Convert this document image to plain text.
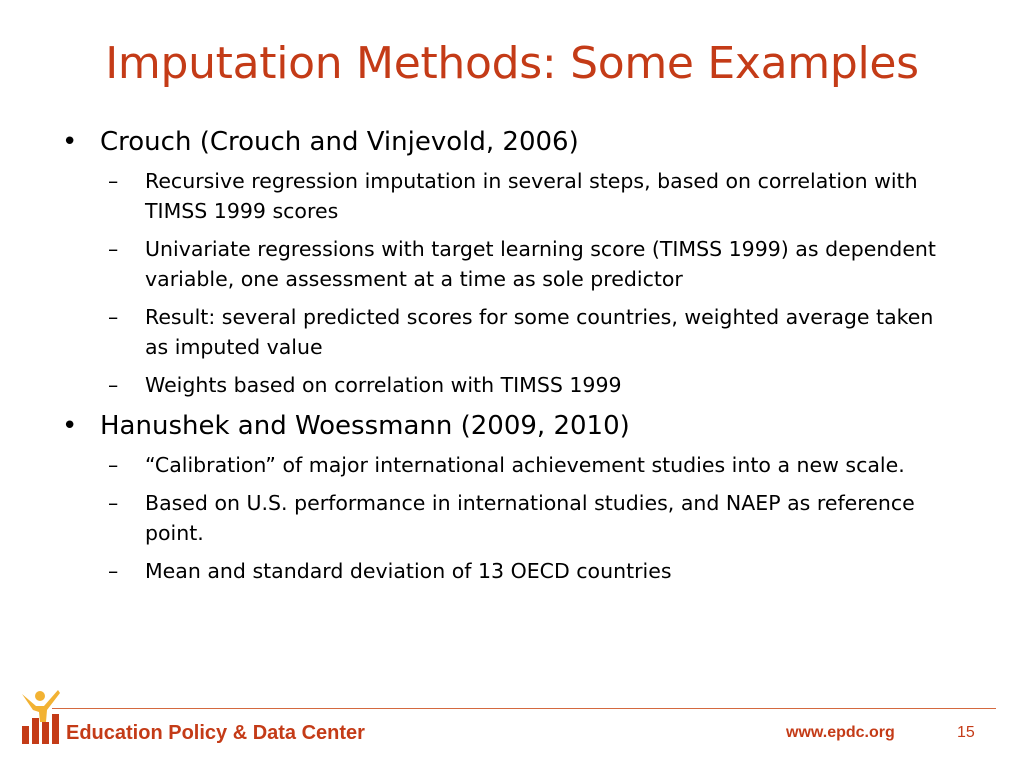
Imputation Methods: Some Examples
• Crouch (Crouch and Vinjevold, 2006)
–	Recursive regression imputation in several steps, based on correlation with TIMSS 1999 scores
–	Univariate regressions with target learning score (TIMSS 1999) as dependent variable, one assessment at a time as sole predictor
–	Result: several predicted scores for some countries, weighted average taken as imputed value
–	Weights based on correlation with TIMSS 1999
• Hanushek and Woessmann (2009, 2010)
–	“Calibration” of major international achievement studies into a new scale.
–	Based on U.S. performance in international studies, and NAEP as reference point.
–	Mean and standard deviation of 13 OECD countries
Education Policy & Data Center	www.epdc.org	15
